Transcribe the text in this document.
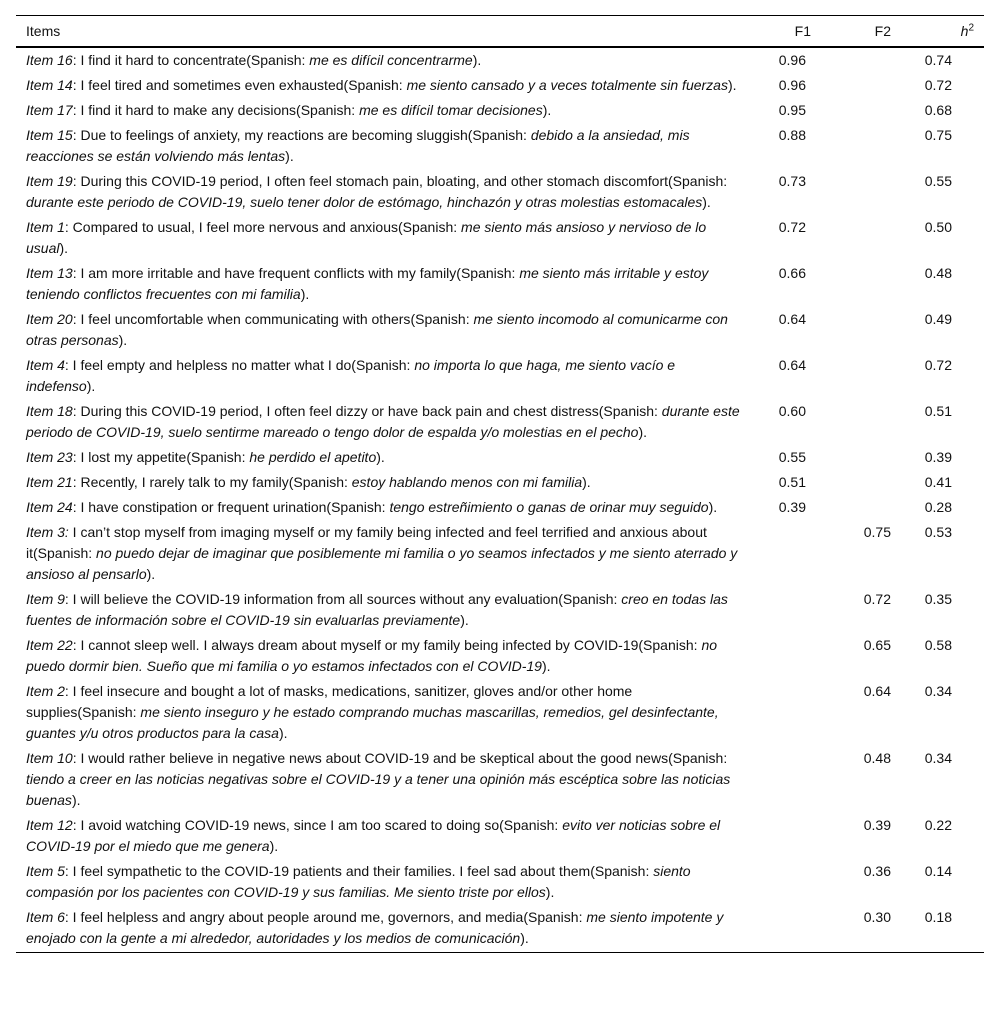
Items	F1	F2	$h^2$
Item 16: I find it hard to concentrate(Spanish: me es difícil concentrarme).	0.96		0.74
Item 14: I feel tired and sometimes even exhausted(Spanish: me siento cansado y a veces totalmente sin fuerzas).	0.96		0.72
Item 17: I find it hard to make any decisions(Spanish: me es difícil tomar decisiones).	0.95		0.68
Item 15: Due to feelings of anxiety, my reactions are becoming sluggish(Spanish: debido a la ansiedad, mis reacciones se están volviendo más lentas).	0.88		0.75
Item 19: During this COVID-19 period, I often feel stomach pain, bloating, and other stomach discomfort(Spanish: durante este periodo de COVID-19, suelo tener dolor de estómago, hinchazón y otras molestias estomacales).	0.73		0.55
Item 1: Compared to usual, I feel more nervous and anxious(Spanish: me siento más ansioso y nervioso de lo usual).	0.72		0.50
Item 13: I am more irritable and have frequent conflicts with my family(Spanish: me siento más irritable y estoy teniendo conflictos frecuentes con mi familia).	0.66		0.48
Item 20: I feel uncomfortable when communicating with others(Spanish: me siento incomodo al comunicarme con otras personas).	0.64		0.49
Item 4: I feel empty and helpless no matter what I do(Spanish: no importa lo que haga, me siento vacío e indefenso).	0.64		0.72
Item 18: During this COVID-19 period, I often feel dizzy or have back pain and chest distress(Spanish: durante este periodo de COVID-19, suelo sentirme mareado o tengo dolor de espalda y/o molestias en el pecho).	0.60		0.51
Item 23: I lost my appetite(Spanish: he perdido el apetito).	0.55		0.39
Item 21: Recently, I rarely talk to my family(Spanish: estoy hablando menos con mi familia).	0.51		0.41
Item 24: I have constipation or frequent urination(Spanish: tengo estreñimiento o ganas de orinar muy seguido).	0.39		0.28
Item 3: I can’t stop myself from imaging myself or my family being infected and feel terrified and anxious about it(Spanish: no puedo dejar de imaginar que posiblemente mi familia o yo seamos infectados y me siento aterrado y ansioso al pensarlo).		0.75	0.53
Item 9: I will believe the COVID-19 information from all sources without any evaluation(Spanish: creo en todas las fuentes de información sobre el COVID-19 sin evaluarlas previamente).		0.72	0.35
Item 22: I cannot sleep well. I always dream about myself or my family being infected by COVID-19(Spanish: no puedo dormir bien. Sueño que mi familia o yo estamos infectados con el COVID-19).		0.65	0.58
Item 2: I feel insecure and bought a lot of masks, medications, sanitizer, gloves and/or other home supplies(Spanish: me siento inseguro y he estado comprando muchas mascarillas, remedios, gel desinfectante, guantes y/u otros productos para la casa).		0.64	0.34
Item 10: I would rather believe in negative news about COVID-19 and be skeptical about the good news(Spanish: tiendo a creer en las noticias negativas sobre el COVID-19 y a tener una opinión más escéptica sobre las noticias buenas).		0.48	0.34
Item 12: I avoid watching COVID-19 news, since I am too scared to doing so(Spanish: evito ver noticias sobre el COVID-19 por el miedo que me genera).		0.39	0.22
Item 5: I feel sympathetic to the COVID-19 patients and their families. I feel sad about them(Spanish: siento compasión por los pacientes con COVID-19 y sus familias. Me siento triste por ellos).		0.36	0.14
Item 6: I feel helpless and angry about people around me, governors, and media(Spanish: me siento impotente y enojado con la gente a mi alrededor, autoridades y los medios de comunicación).		0.30	0.18
